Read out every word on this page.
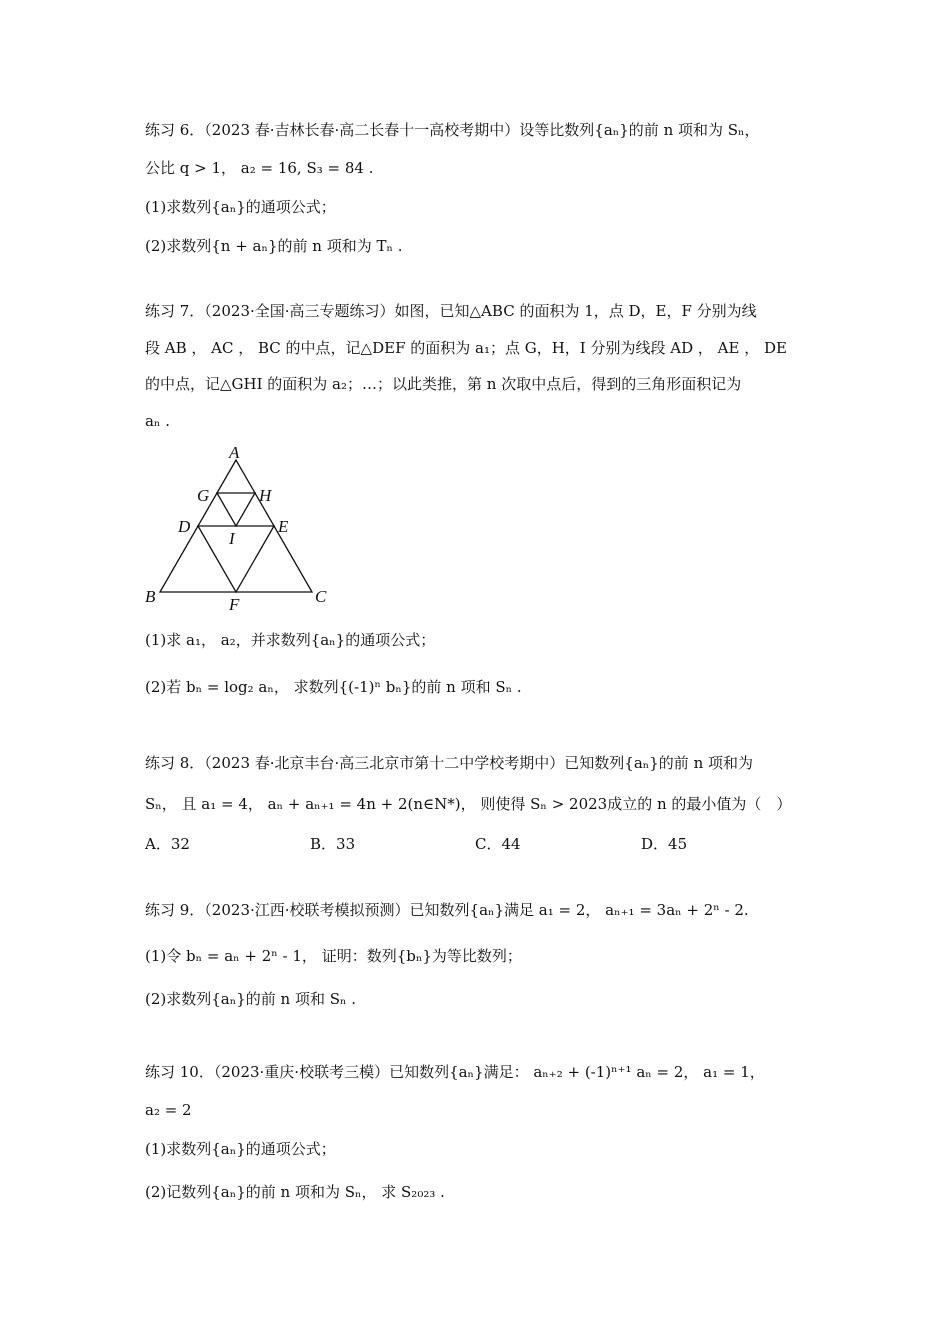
练习 6．（2023 春·吉林长春·高二长春十一高校考期中）设等比数列{aₙ}的前 n 项和为 Sₙ，
公比 q > 1， a₂ = 16, S₃ = 84 .
(1)求数列{aₙ}的通项公式；
(2)求数列{n + aₙ}的前 n 项和为 Tₙ .
练习 7．（2023·全国·高三专题练习）如图，已知△ABC 的面积为 1，点 D，E，F 分别为线
段 AB ， AC ， BC 的中点，记△DEF 的面积为 a₁；点 G，H，I 分别为线段 AD ， AE ， DE
的中点，记△GHI 的面积为 a₂；…；以此类推，第 n 次取中点后，得到的三角形面积记为
aₙ .
A
G	H
D	E
I
B	F	C
(1)求 a₁， a₂，并求数列{aₙ}的通项公式；
(2)若 bₙ = log₂ aₙ， 求数列{(-1)ⁿ bₙ}的前 n 项和 Sₙ .
练习 8．（2023 春·北京丰台·高三北京市第十二中学校考期中）已知数列{aₙ}的前 n 项和为
Sₙ， 且 a₁ = 4， aₙ + aₙ₊₁ = 4n + 2(n∈N*)， 则使得 Sₙ > 2023成立的 n 的最小值为（　）
A．32	B．33	C．44	D．45
练习 9．（2023·江西·校联考模拟预测）已知数列{aₙ}满足 a₁ = 2， aₙ₊₁ = 3aₙ + 2ⁿ - 2.
(1)令 bₙ = aₙ + 2ⁿ - 1， 证明：数列{bₙ}为等比数列；
(2)求数列{aₙ}的前 n 项和 Sₙ .
练习 10．（2023·重庆·校联考三模）已知数列{aₙ}满足： aₙ₊₂ + (-1)ⁿ⁺¹ aₙ = 2， a₁ = 1，
a₂ = 2
(1)求数列{aₙ}的通项公式；
(2)记数列{aₙ}的前 n 项和为 Sₙ， 求 S₂₀₂₃ .
